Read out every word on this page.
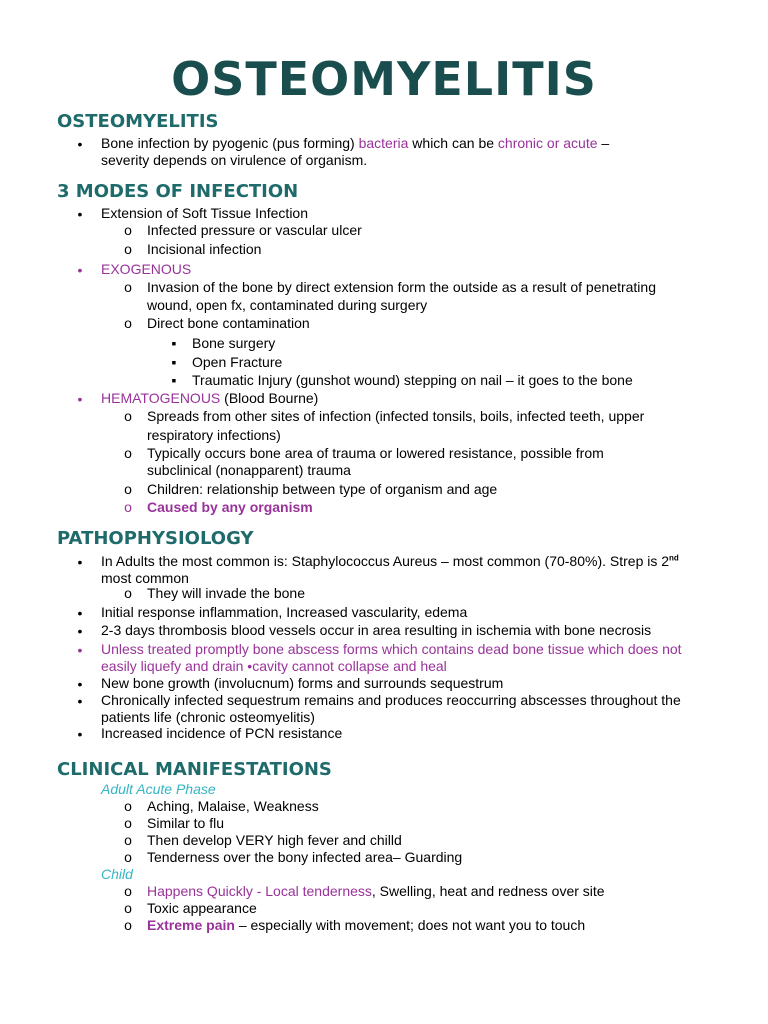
OSTEOMYELITIS
OSTEOMYELITIS
• Bone infection by pyogenic (pus forming) bacteria which can be chronic or acute –

severity depends on virulence of organism.

3 MODES OF INFECTION
• Extension of Soft Tissue Infection

o Infected pressure or vascular ulcer

o Incisional infection

• EXOGENOUS

o Invasion of the bone by direct extension form the outside as a result of penetrating

wound, open fx, contaminated during surgery

o Direct bone contamination

▪ Bone surgery

▪ Open Fracture

▪ Traumatic Injury (gunshot wound) stepping on nail – it goes to the bone

• HEMATOGENOUS (Blood Bourne)

o Spreads from other sites of infection (infected tonsils, boils, infected teeth, upper

respiratory infections)

o Typically occurs bone area of trauma or lowered resistance, possible from

subclinical (nonapparent) trauma

o Children: relationship between type of organism and age

o Caused by any organism

PATHOPHYSIOLOGY
• In Adults the most common is: Staphylococcus Aureus – most common (70-80%). Strep is 2nd

most common

o They will invade the bone

• Initial response inflammation, Increased vascularity, edema

• 2-3 days thrombosis blood vessels occur in area resulting in ischemia with bone necrosis

• Unless treated promptly bone abscess forms which contains dead bone tissue which does not

easily liquefy and drain •cavity cannot collapse and heal

• New bone growth (involucnum) forms and surrounds sequestrum

• Chronically infected sequestrum remains and produces reoccurring abscesses throughout the

patients life (chronic osteomyelitis)

• Increased incidence of PCN resistance

CLINICAL MANIFESTATIONS

Adult Acute Phase

o Aching, Malaise, Weakness

o Similar to flu

o Then develop VERY high fever and chilld

o Tenderness over the bony infected area– Guarding

Child

o Happens Quickly - Local tenderness, Swelling, heat and redness over site

o Toxic appearance

o Extreme pain – especially with movement; does not want you to touch
